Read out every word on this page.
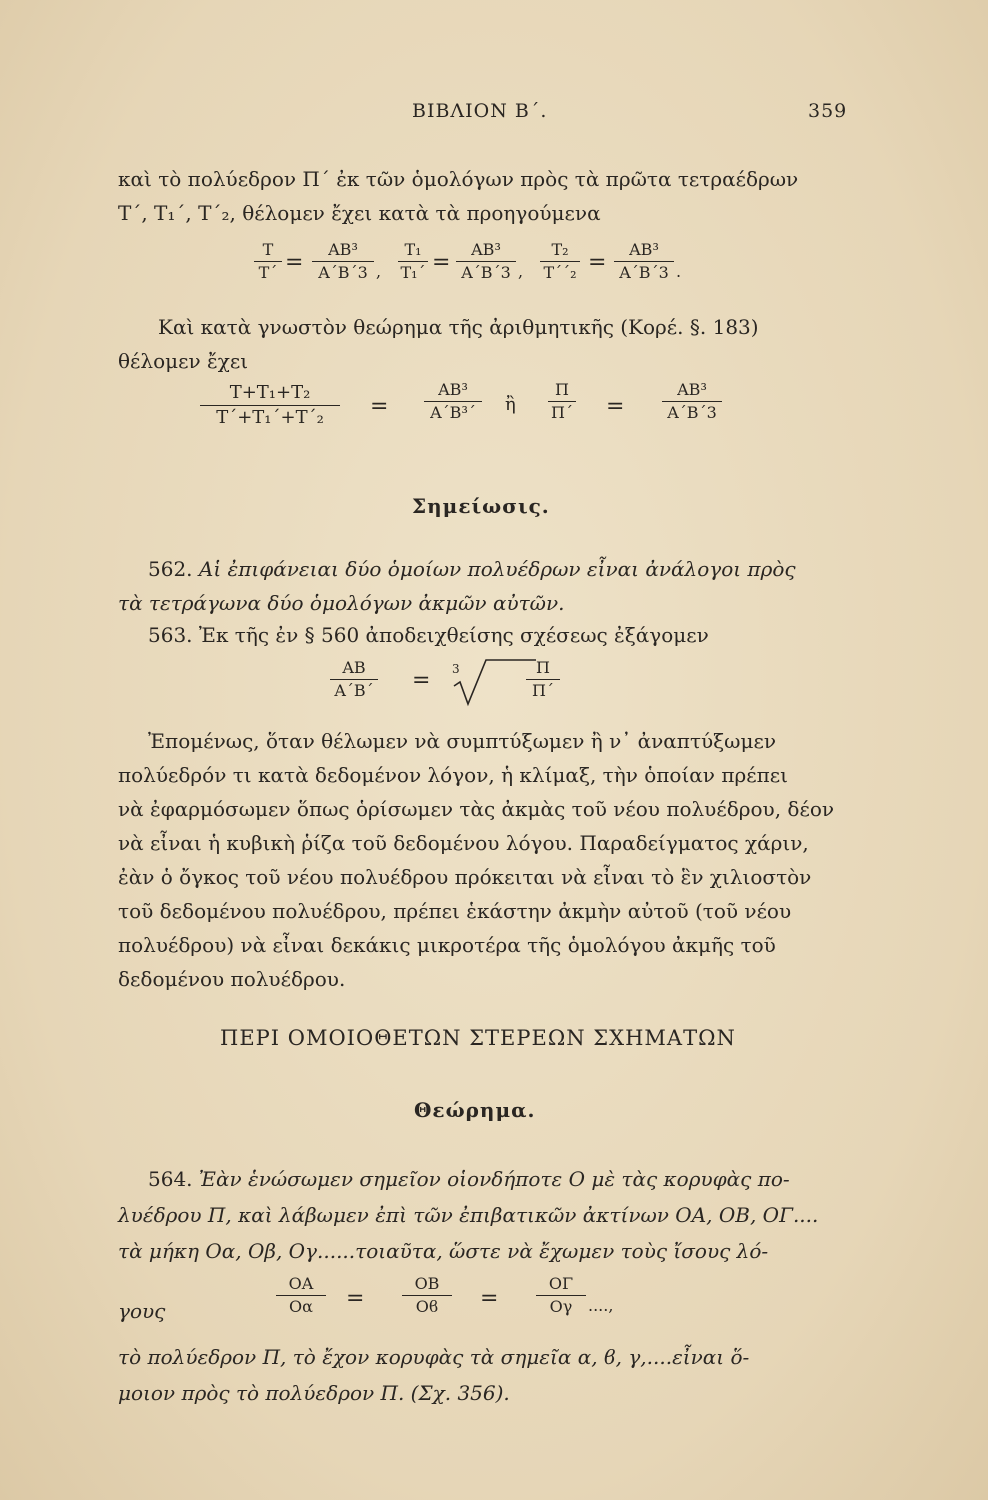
ΒΙΒΛΙΟΝ Β΄.	359
καὶ τὸ πολύεδρον Π΄ ἐκ τῶν ὁμολόγων πρὸς τὰ πρῶτα τετραέδρων
Τ΄, Τ₁΄, Τ΄₂, θέλομεν ἔχει κατὰ τὰ προηγούμενα
T
T΄ =
AB³
A΄B΄3 ,
T₁
T₁΄ =
AB³
A΄B΄3 ,
T₂
T΄΄₂ =
AB³
A΄B΄3 .
Καὶ κατὰ γνωστὸν θεώρημα τῆς ἀριθμητικῆς (Κορέ. §. 183)
θέλομεν ἔχει
T+T₁+T₂
T΄+T₁΄+T΄₂	=
AB³
A΄B³΄	ἢ
Π
Π΄ =
AB³
A΄B΄3
Σημείωσις.
562. Αἱ ἐπιφάνειαι δύο ὁμοίων πολυέδρων εἶναι ἀνάλογοι πρὸς
τὰ τετράγωνα δύο ὁμολόγων ἀκμῶν αὐτῶν.
563. Ἐκ τῆς ἐν § 560 ἀποδειχθείσης σχέσεως ἐξάγομεν
AB
A΄B΄ = 3	Π
Π΄
Ἐπομένως, ὅταν θέλωμεν νὰ συμπτύξωμεν ἢ ν᾽ ἀναπτύξωμεν
πολύεδρόν τι κατὰ δεδομένον λόγον, ἡ κλίμαξ, τὴν ὁποίαν πρέπει
νὰ ἐφαρμόσωμεν ὅπως ὁρίσωμεν τὰς ἀκμὰς τοῦ νέου πολυέδρου, δέον
νὰ εἶναι ἡ κυβικὴ ῥίζα τοῦ δεδομένου λόγου. Παραδείγματος χάριν,
ἐὰν ὁ ὄγκος τοῦ νέου πολυέδρου πρόκειται νὰ εἶναι τὸ ἓν χιλιοστὸν
τοῦ δεδομένου πολυέδρου, πρέπει ἑκάστην ἀκμὴν αὐτοῦ (τοῦ νέου
πολυέδρου) νὰ εἶναι δεκάκις μικροτέρα τῆς ὁμολόγου ἀκμῆς τοῦ
δεδομένου πολυέδρου.
ΠΕΡΙ ΟΜΟΙΟΘΕΤΩΝ ΣΤΕΡΕΩΝ ΣΧΗΜΑΤΩΝ
Θεώρημα.
564. Ἐὰν ἑνώσωμεν σημεῖον οἱονδήποτε Ο μὲ τὰς κορυφὰς πο-
λυέδρου Π, καὶ λάβωμεν ἐπὶ τῶν ἐπιβατικῶν ἀκτίνων ΟΑ, ΟΒ, ΟΓ....
τὰ μήκη Οα, Οβ, Ογ......τοιαῦτα, ὥστε νὰ ἔχωμεν τοὺς ἴσους λό-
γους
OA
Oα	=
OB
Oϐ	=
OΓ
Oγ ....,
τὸ πολύεδρον Π, τὸ ἔχον κορυφὰς τὰ σημεῖα α, ϐ, γ,....εἶναι ὅ-
μοιον πρὸς τὸ πολύεδρον Π. (Σχ. 356).
